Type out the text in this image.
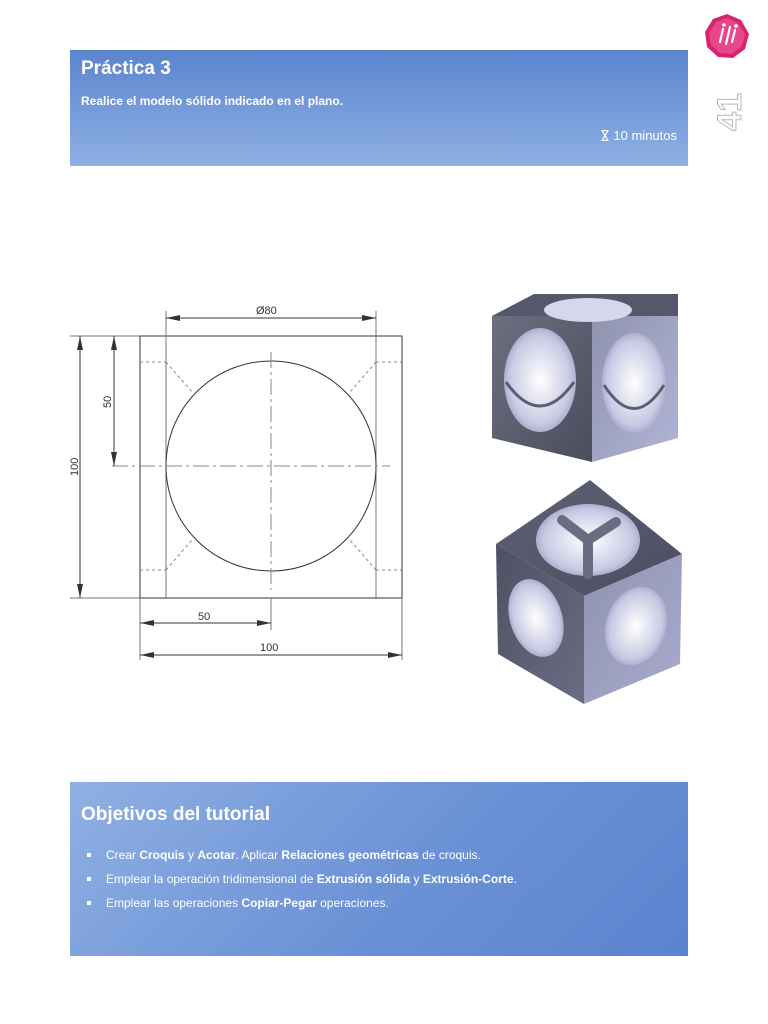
Práctica 3
Realice el modelo sólido indicado en el plano.
10 minutos
41
Ø80
100
50
50
100
Objetivos del tutorial
Crear Croquis y Acotar. Aplicar Relaciones geométricas de croquis.
Emplear la operación tridimensional de Extrusión sólida y Extrusión-Corte.
Emplear las operaciones Copiar-Pegar operaciones.
